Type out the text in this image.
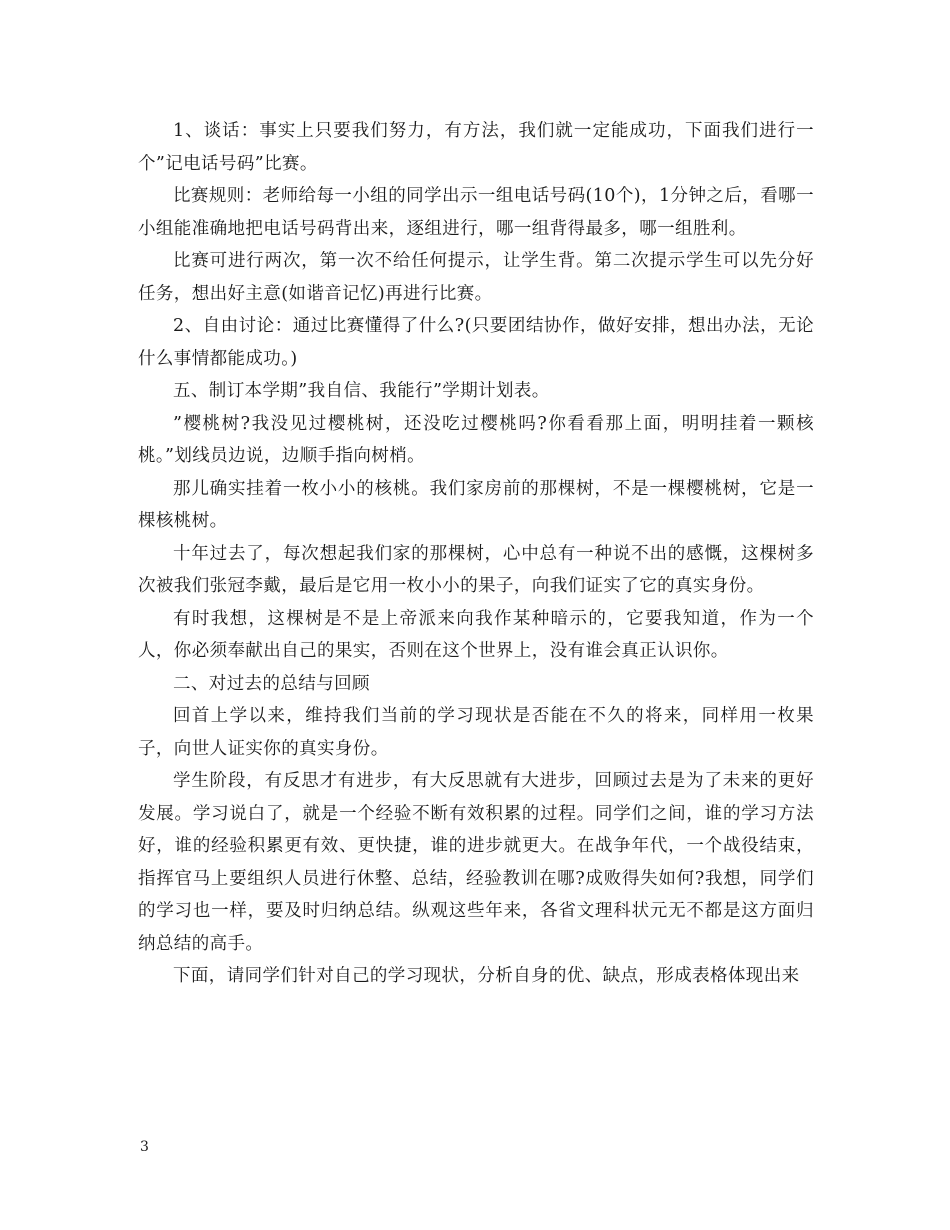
1、谈话：事实上只要我们努力，有方法，我们就一定能成功，下面我们进行一个”记电话号码”比赛。

比赛规则：老师给每一小组的同学出示一组电话号码(10个)，1分钟之后，看哪一小组能准确地把电话号码背出来，逐组进行，哪一组背得最多，哪一组胜利。

比赛可进行两次，第一次不给任何提示，让学生背。第二次提示学生可以先分好任务，想出好主意(如谐音记忆)再进行比赛。

2、自由讨论：通过比赛懂得了什么?(只要团结协作，做好安排，想出办法，无论什么事情都能成功。)

五、制订本学期”我自信、我能行”学期计划表。

”樱桃树?我没见过樱桃树，还没吃过樱桃吗?你看看那上面，明明挂着一颗核桃。”划线员边说，边顺手指向树梢。

那儿确实挂着一枚小小的核桃。我们家房前的那棵树，不是一棵樱桃树，它是一棵核桃树。

十年过去了，每次想起我们家的那棵树，心中总有一种说不出的感慨，这棵树多次被我们张冠李戴，最后是它用一枚小小的果子，向我们证实了它的真实身份。

有时我想，这棵树是不是上帝派来向我作某种暗示的，它要我知道，作为一个人，你必须奉献出自己的果实，否则在这个世界上，没有谁会真正认识你。

二、对过去的总结与回顾

回首上学以来，维持我们当前的学习现状是否能在不久的将来，同样用一枚果子，向世人证实你的真实身份。

学生阶段，有反思才有进步，有大反思就有大进步，回顾过去是为了未来的更好发展。学习说白了，就是一个经验不断有效积累的过程。同学们之间，谁的学习方法好，谁的经验积累更有效、更快捷，谁的进步就更大。在战争年代，一个战役结束，指挥官马上要组织人员进行休整、总结，经验教训在哪?成败得失如何?我想，同学们的学习也一样，要及时归纳总结。纵观这些年来，各省文理科状元无不都是这方面归纳总结的高手。

下面，请同学们针对自己的学习现状，分析自身的优、缺点，形成表格体现出来

3
